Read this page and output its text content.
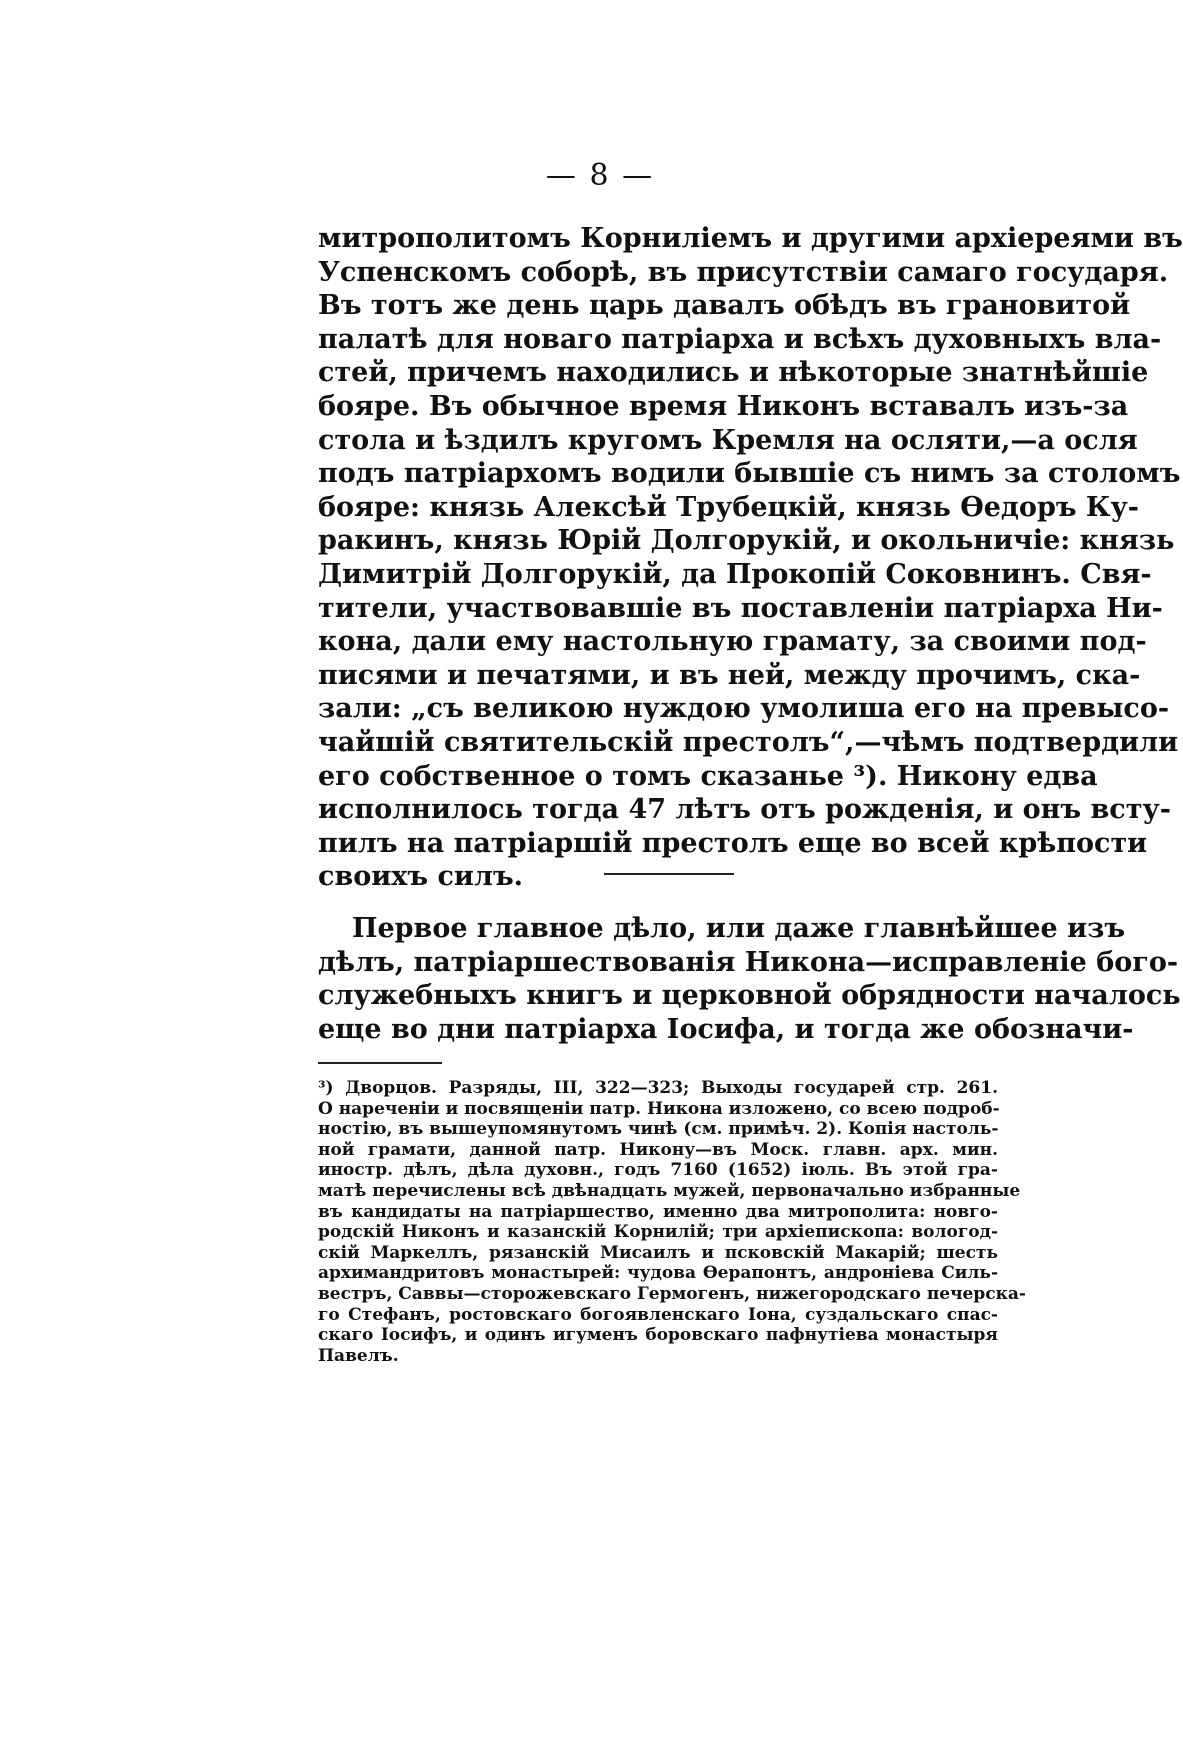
— 8 —
митрополитомъ Корниліемъ и другими архіереями въ
Успенскомъ соборѣ, въ присутствіи самаго государя.
Въ тотъ же день царь давалъ обѣдъ въ грановитой
палатѣ для новаго патріарха и всѣхъ духовныхъ вла-
стей, причемъ находились и нѣкоторые знатнѣйшіе
бояре. Въ обычное время Никонъ вставалъ изъ-за
стола и ѣздилъ кругомъ Кремля на осляти,—а осля
подъ патріархомъ водили бывшіе съ нимъ за столомъ
бояре: князь Алексѣй Трубецкій, князь Өедоръ Ку-
ракинъ, князь Юрій Долгорукій, и окольничіе: князь
Димитрій Долгорукій, да Прокопій Соковнинъ. Свя-
тители, участвовавшіе въ поставленіи патріарха Ни-
кона, дали ему настольную грамату, за своими под-
писями и печатями, и въ ней, между прочимъ, ска-
зали: „съ великою нуждою умолиша его на превысо-
чайшій святительскій престолъ“,—чѣмъ подтвердили
его собственное о томъ сказанье ³). Никону едва
исполнилось тогда 47 лѣтъ отъ рожденія, и онъ всту-
пилъ на патріаршій престолъ еще во всей крѣпости
своихъ силъ.
Первое главное дѣло, или даже главнѣйшее изъ
дѣлъ, патріаршествованія Никона—исправленіе бого-
служебныхъ книгъ и церковной обрядности началось
еще во дни патріарха Іосифа, и тогда же обозначи-
³) Дворцов. Разряды, III, 322—323; Выходы государей стр. 261.
О нареченіи и посвященіи патр. Никона изложено, со всею подроб-
ностію, въ вышеупомянутомъ чинѣ (см. примѣч. 2). Копія настоль-
ной грамати, данной патр. Никону—въ Моск. главн. арх. мин.
иностр. дѣлъ, дѣла духовн., годъ 7160 (1652) іюль. Въ этой гра-
матѣ перечислены всѣ двѣнадцать мужей, первоначально избранные
въ кандидаты на патріаршество, именно два митрополита: новго-
родскій Никонъ и казанскій Корнилій; три архіепископа: вологод-
скій Маркеллъ, рязанскій Мисаилъ и псковскій Макарій; шесть
архимандритовъ монастырей: чудова Өерапонтъ, андроніева Силь-
вестръ, Саввы—сторожевскаго Гермогенъ, нижегородскаго печерска-
го Стефанъ, ростовскаго богоявленскаго Іона, суздальскаго спас-
скаго Іосифъ, и одинъ игуменъ боровскаго пафнутіева монастыря
Павелъ.
